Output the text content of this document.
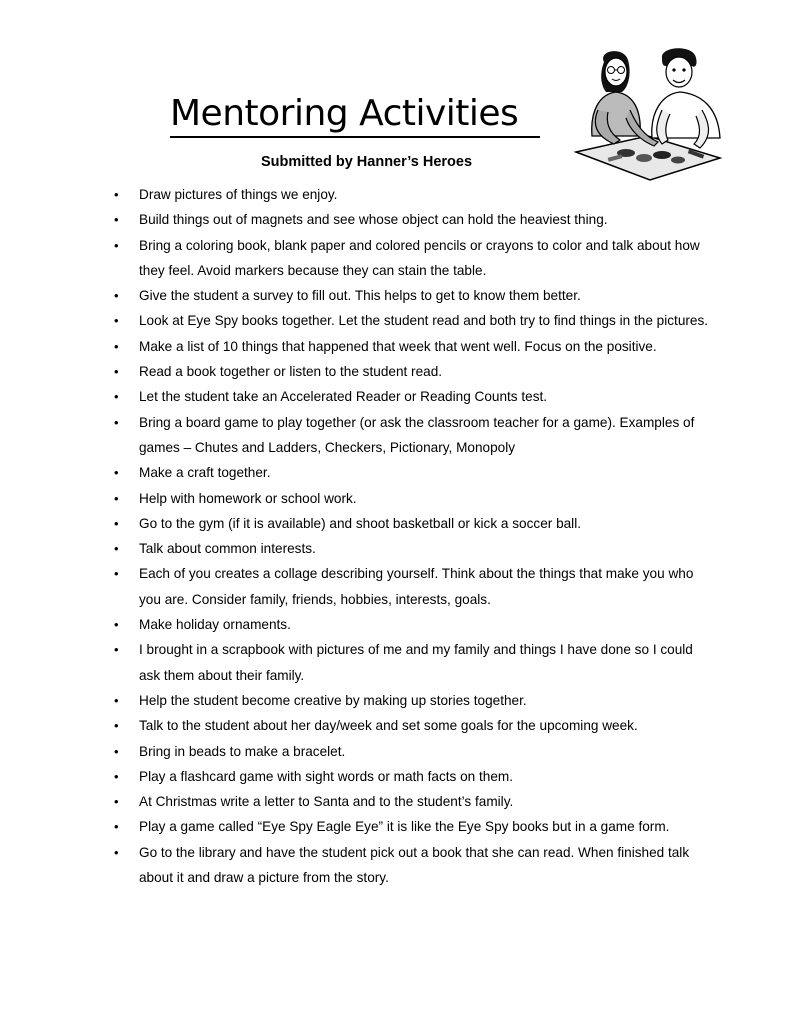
Mentoring Activities
Submitted by Hanner’s Heroes
•	Draw pictures of things we enjoy.
•	Build things out of magnets and see whose object can hold the heaviest thing.
•	Bring a coloring book, blank paper and colored pencils or crayons to color and talk about how they feel. Avoid markers because they can stain the table.
•	Give the student a survey to fill out. This helps to get to know them better.
•	Look at Eye Spy books together. Let the student read and both try to find things in the pictures.
•	Make a list of 10 things that happened that week that went well. Focus on the positive.
•	Read a book together or listen to the student read.
•	Let the student take an Accelerated Reader or Reading Counts test.
•	Bring a board game to play together (or ask the classroom teacher for a game). Examples of games – Chutes and Ladders, Checkers, Pictionary, Monopoly
•	Make a craft together.
•	Help with homework or school work.
•	Go to the gym (if it is available) and shoot basketball or kick a soccer ball.
•	Talk about common interests.
•	Each of you creates a collage describing yourself. Think about the things that make you who you are. Consider family, friends, hobbies, interests, goals.
•	Make holiday ornaments.
•	I brought in a scrapbook with pictures of me and my family and things I have done so I could ask them about their family.
•	Help the student become creative by making up stories together.
•	Talk to the student about her day/week and set some goals for the upcoming week.
•	Bring in beads to make a bracelet.
•	Play a flashcard game with sight words or math facts on them.
•	At Christmas write a letter to Santa and to the student’s family.
•	Play a game called “Eye Spy Eagle Eye” it is like the Eye Spy books but in a game form.
•	Go to the library and have the student pick out a book that she can read. When finished talk about it and draw a picture from the story.
